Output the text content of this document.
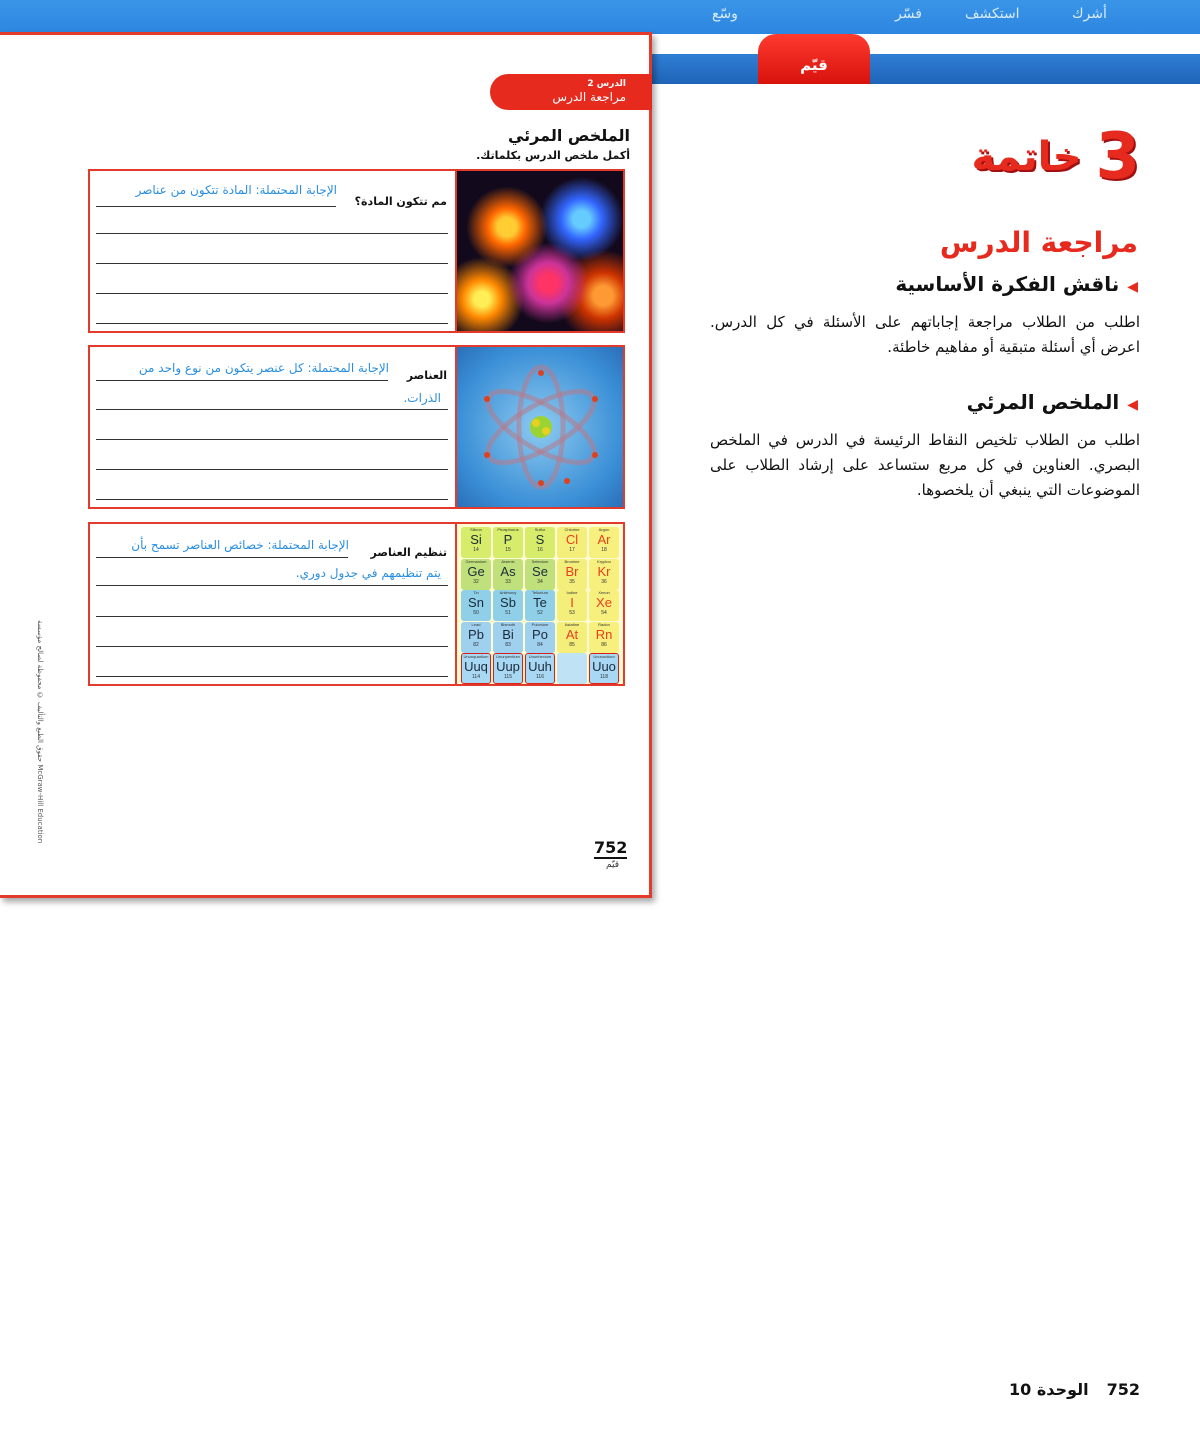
أشرك
استكشف
فسّر
قيّم
وسّع
الدرس 2
مراجعة الدرس
الملخص المرئي
أكمل ملخص الدرس بكلماتك.
مم تتكون المادة؟
الإجابة المحتملة: المادة تتكون من عناصر
العناصر
الإجابة المحتملة: كل عنصر يتكون من نوع واحد من
الذرات.
Silicon
Si
14
Phosphorus
P
15
Sulfur
S
16
Chlorine
Cl
17
Argon
Ar
18
Germanium
Ge
32
Arsenic
As
33
Selenium
Se
34
Bromine
Br
35
Krypton
Kr
36
Tin
Sn
50
Antimony
Sb
51
Tellurium
Te
52
Iodine
I
53
Xenon
Xe
54
Lead
Pb
82
Bismuth
Bi
83
Polonium
Po
84
Astatine
At
85
Radon
Rn
86
Ununquadium
Uuq
114
Ununpentium
Uup
115
Ununhexium
Uuh
116
Ununoctium
Uuo
118
تنظيم العناصر
الإجابة المحتملة: خصائص العناصر تسمح بأن
يتم تنظيمهم في جدول دوري.
حقوق الطبع والتأليف © محفوظة لصالح مؤسسة McGraw-Hill Education
752
قيّم
3
خاتمة
مراجعة الدرس
◀ناقش الفكرة الأساسية
اطلب من الطلاب مراجعة إجاباتهم على الأسئلة في كل الدرس. اعرض أي أسئلة متبقية أو مفاهيم خاطئة.
◀الملخص المرئي
اطلب من الطلاب تلخيص النقاط الرئيسة في الدرس في الملخص البصري. العناوين في كل مربع ستساعد على إرشاد الطلاب على الموضوعات التي ينبغي أن يلخصوها.
752الوحدة 10
